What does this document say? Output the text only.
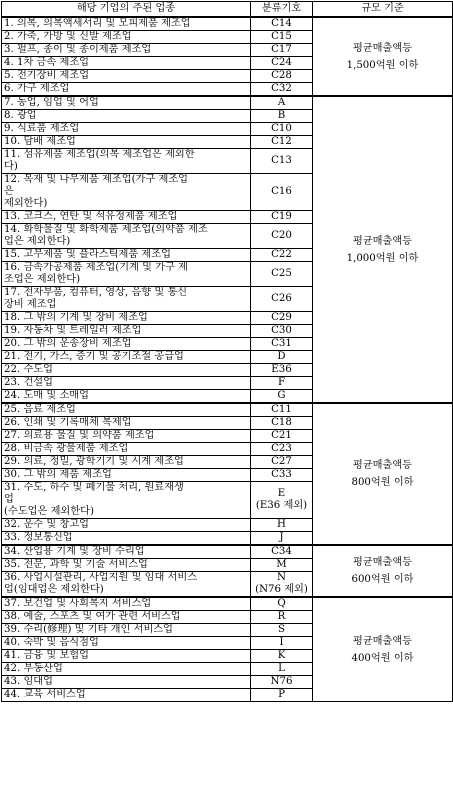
해당 기업의 주된 업종	분류기호	규모 기준
1. 의복, 의복액세서리 및 모피제품 제조업	C14	평균매출액등
1,500억원 이하
2. 가죽, 가방 및 신발 제조업	C15	
3. 펄프, 종이 및 종이제품 제조업	C17	
4. 1차 금속 제조업	C24	
5. 전기장비 제조업	C28	
6. 가구 제조업	C32	
7. 농업, 임업 및 어업	A	평균매출액등
1,000억원 이하
8. 광업	B	
9. 식료품 제조업	C10	
10. 담배 제조업	C12	
11. 섬유제품 제조업(의복 제조업은 제외한
다)	C13	
12. 목재 및 나무제품 제조업(가구 제조업
은
제외한다)	C16	
13. 코크스, 연탄 및 석유정제품 제조업	C19	
14. 화학물질 및 화학제품 제조업(의약품 제조
업은 제외한다)	C20	
15. 고무제품 및 플라스틱제품 제조업	C22	
16. 금속가공제품 제조업(기계 및 가구 제
조업은 제외한다)	C25	
17. 전자부품, 컴퓨터, 영상, 음향 및 통신
장비 제조업	C26	
18. 그 밖의 기계 및 장비 제조업	C29	
19. 자동차 및 트레일러 제조업	C30	
20. 그 밖의 운송장비 제조업	C31	
21. 전기, 가스, 증기 및 공기조절 공급업	D	
22. 수도업	E36	
23. 건설업	F	
24. 도매 및 소매업	G	
25. 음료 제조업	C11	평균매출액등
800억원 이하
26. 인쇄 및 기록매체 복제업	C18	
27. 의료용 물질 및 의약품 제조업	C21	
28. 비금속 광물제품 제조업	C23	
29. 의료, 정밀, 광학기기 및 시계 제조업	C27	
30. 그 밖의 제품 제조업	C33	
31. 수도, 하수 및 폐기물 처리, 원료재생
업
(수도업은 제외한다)	E
(E36 제외)	
32. 운수 및 창고업	H	
33. 정보통신업	J	
34. 산업용 기계 및 장비 수리업	C34	평균매출액등
600억원 이하
35. 전문, 과학 및 기술 서비스업	M	
36. 사업시설관리, 사업지원 및 임대 서비스
업(임대업은 제외한다)	N
(N76 제외)	
37. 보건업 및 사회복지 서비스업	Q	평균매출액등
400억원 이하
38. 예술, 스포츠 및 여가 관련 서비스업	R	
39. 수리(修理) 및 기타 개인 서비스업	S	
40. 숙박 및 음식점업	I	
41. 금융 및 보험업	K	
42. 부동산업	L	
43. 임대업	N76	
44. 교육 서비스업	P	
